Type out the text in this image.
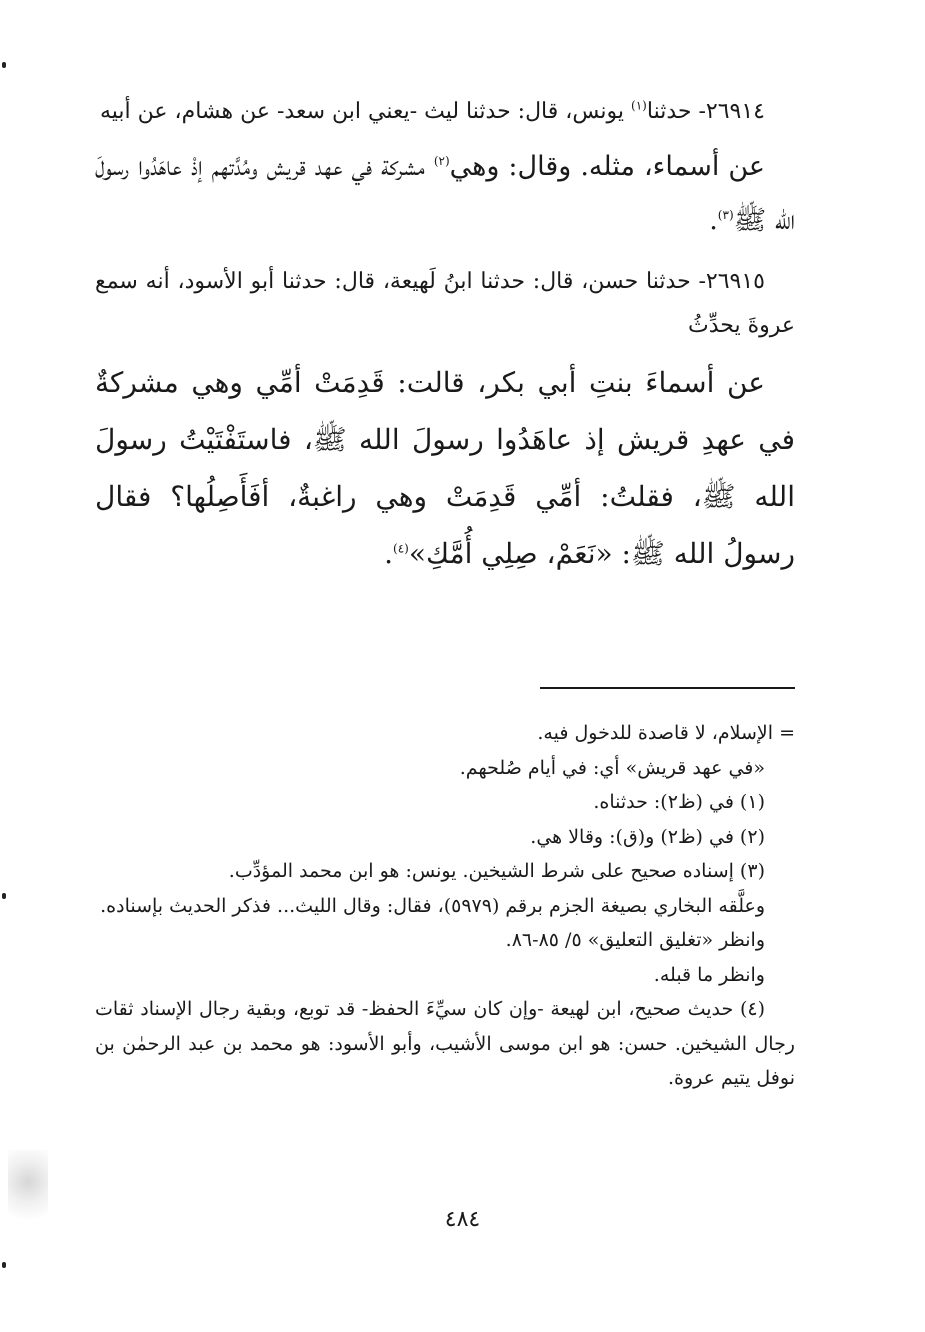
٢٦٩١٤- حدثنا$^{(١)}$ يونس، قال: حدثنا ليث -يعني ابن سعد- عن هشام، عن أبيه

عن أسماء، مثله. وقال: وهي$^{(٢)}$ مشركة في عهد قريش ومُدَّتهم إذْ عاهَدُوا رسولَ الله ﷺ$^{(٣)}$.

٢٦٩١٥- حدثنا حسن، قال: حدثنا ابنُ لَهيعة، قال: حدثنا أبو الأسود، أنه سمع عروةَ يحدِّثُ

عن أسماءَ بنتِ أبي بكر، قالت: قَدِمَتْ أمِّي وهي مشركةٌ في عهدِ قريش إذ عاهَدُوا رسولَ الله ﷺ، فاستَفْتَيْتُ رسولَ الله ﷺ، فقلتُ: أمِّي قَدِمَتْ وهي راغبةٌ، أفَأَصِلُها؟ فقال رسولُ الله ﷺ: «نَعَمْ، صِلِي أُمَّكِ»$^{(٤)}$.

= الإسلام، لا قاصدة للدخول فيه.

«في عهد قريش» أي: في أيام صُلحهم.

(١) في (ظ٢): حدثناه.

(٢) في (ظ٢) و(ق): وقالا هي.

(٣) إسناده صحيح على شرط الشيخين. يونس: هو ابن محمد المؤدِّب.

وعلَّقه البخاري بصيغة الجزم برقم (٥٩٧٩)، فقال: وقال الليث... فذكر الحديث بإسناده.

وانظر «تغليق التعليق» ٥/ ٨٥-٨٦.

وانظر ما قبله.

(٤) حديث صحيح، ابن لهيعة -وإن كان سيِّءَ الحفظ- قد توبع، وبقية رجال الإسناد ثقات رجال الشيخين. حسن: هو ابن موسى الأشيب، وأبو الأسود: هو محمد بن عبد الرحمٰن بن نوفل يتيم عروة.

٤٨٤
